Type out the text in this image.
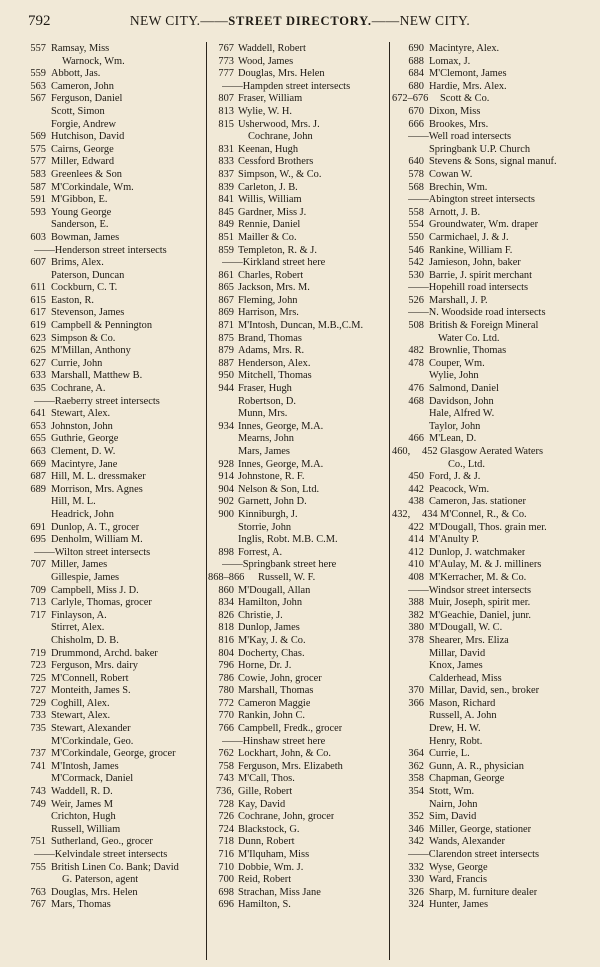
792	NEW CITY.——STREET DIRECTORY.——NEW CITY.
557 Ramsay, Miss
Warnock, Wm.
559 Abbott, Jas.
563 Cameron, John
567 Ferguson, Daniel
Scott, Simon
Forgie, Andrew
569 Hutchison, David
575 Cairns, George
577 Miller, Edward
583 Greenlees & Son
587 M'Corkindale, Wm.
591 M'Gibbon, E.
593 Young George
Sanderson, E.
603 Bowman, James
——Henderson street intersects
607 Brims, Alex.
Paterson, Duncan
611 Cockburn, C. T.
615 Easton, R.
617 Stevenson, James
619 Campbell & Pennington
623 Simpson & Co.
625 M'Millan, Anthony
627 Currie, John
633 Marshall, Matthew B.
635 Cochrane, A.
——Raeberry street intersects
641 Stewart, Alex.
653 Johnston, John
655 Guthrie, George
663 Clement, D. W.
669 Macintyre, Jane
687 Hill, M. L. dressmaker
689 Morrison, Mrs. Agnes
Hill, M. L.
Headrick, John
691 Dunlop, A. T., grocer
695 Denholm, William M.
——Wilton street intersects
707 Miller, James
Gillespie, James
709 Campbell, Miss J. D.
713 Carlyle, Thomas, grocer
717 Finlayson, A.
Stirret, Alex.
Chisholm, D. B.
719 Drummond, Archd. baker
723 Ferguson, Mrs. dairy
725 M'Connell, Robert
727 Monteith, James S.
729 Coghill, Alex.
733 Stewart, Alex.
735 Stewart, Alexander
M'Corkindale, Geo.
737 M'Corkindale, George, grocer
741 M'Intosh, James
M'Cormack, Daniel
743 Waddell, R. D.
749 Weir, James M
Crichton, Hugh
Russell, William
751 Sutherland, Geo., grocer
——Kelvindale street intersects
755 British Linen Co. Bank; David
G. Paterson, agent
763 Douglas, Mrs. Helen
767 Mars, Thomas
767 Waddell, Robert
773 Wood, James
777 Douglas, Mrs. Helen
——Hampden street intersects
807 Fraser, William
813 Wylie, W. H.
815 Usherwood, Mrs. J.
Cochrane, John
831 Keenan, Hugh
833 Cessford Brothers
837 Simpson, W., & Co.
839 Carleton, J. B.
841 Willis, William
845 Gardner, Miss J.
849 Rennie, Daniel
851 Mailler & Co.
859 Templeton, R. & J.
——Kirkland street here
861 Charles, Robert
865 Jackson, Mrs. M.
867 Fleming, John
869 Harrison, Mrs.
871 M'Intosh, Duncan, M.B.,C.M.
875 Brand, Thomas
879 Adams, Mrs. R.
887 Henderson, Alex.
950 Mitchell, Thomas
944 Fraser, Hugh
Robertson, D.
Munn, Mrs.
934 Innes, George, M.A.
Mearns, John
Mars, James
928 Innes, George, M.A.
914 Johnstone, R. F.
904 Nelson & Son, Ltd.
902 Garnett, John D.
900 Kinniburgh, J.
Storrie, John
Inglis, Robt. M.B. C.M.
898 Forrest, A.
——Springbank street here
868–866 Russell, W. F.
860 M'Dougall, Allan
834 Hamilton, John
826 Christie, J.
818 Dunlop, James
816 M'Kay, J. & Co.
804 Docherty, Chas.
796 Horne, Dr. J.
786 Cowie, John, grocer
780 Marshall, Thomas
772 Cameron Maggie
770 Rankin, John C.
766 Campbell, Fredk., grocer
——Hinshaw street here
762 Lockhart, John, & Co.
758 Ferguson, Mrs. Elizabeth
743 M'Call, Thos.
736, Gille, Robert
728 Kay, David
726 Cochrane, John, grocer
724 Blackstock, G.
718 Dunn, Robert
716 M'Ilquham, Miss
710 Dobbie, Wm. J.
700 Reid, Robert
698 Strachan, Miss Jane
696 Hamilton, S.
690 Macintyre, Alex.
688 Lomax, J.
684 M'Clemont, James
680 Hardie, Mrs. Alex.
672–676 Scott & Co.
670 Dixon, Miss
666 Brookes, Mrs.
——Well road intersects
Springbank U.P. Church
640 Stevens & Sons, signal manuf.
578 Cowan W.
568 Brechin, Wm.
——Abington street intersects
558 Arnott, J. B.
554 Groundwater, Wm. draper
550 Carmichael, J. & J.
546 Rankine, William F.
542 Jamieson, John, baker
530 Barrie, J. spirit merchant
——Hopehill road intersects
526 Marshall, J. P.
——N. Woodside road intersects
508 British & Foreign Mineral
Water Co. Ltd.
482 Brownlie, Thomas
478 Couper, Wm.
Wylie, John
476 Salmond, Daniel
468 Davidson, John
Hale, Alfred W.
Taylor, John
466 M'Lean, D.
460, 452 Glasgow Aerated Waters
Co., Ltd.
450 Ford, J. & J.
442 Peacock, Wm.
438 Cameron, Jas. stationer
432, 434 M'Connel, R., & Co.
422 M'Dougall, Thos. grain mer.
414 M'Anulty P.
412 Dunlop, J. watchmaker
410 M'Aulay, M. & J. milliners
408 M'Kerracher, M. & Co.
——Windsor street intersects
388 Muir, Joseph, spirit mer.
382 M'Geachie, Daniel, junr.
380 M'Dougall, W. C.
378 Shearer, Mrs. Eliza
Millar, David
Knox, James
Calderhead, Miss
370 Millar, David, sen., broker
366 Mason, Richard
Russell, A. John
Drew, H. W.
Henry, Robt.
364 Currie, L.
362 Gunn, A. R., physician
358 Chapman, George
354 Stott, Wm.
Nairn, John
352 Sim, David
346 Miller, George, stationer
342 Wands, Alexander
——Clarendon street intersects
332 Wyse, George
330 Ward, Francis
326 Sharp, M. furniture dealer
324 Hunter, James
